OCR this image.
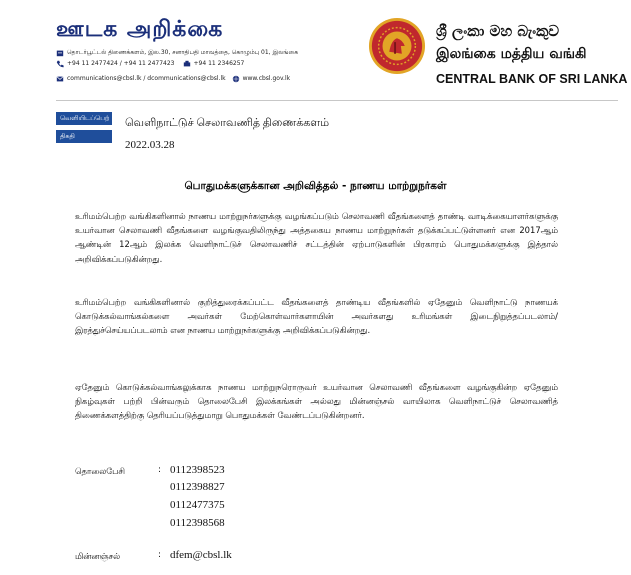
ஊடக அறிக்கை
தொடர்பூட்டல் திணைக்களம், இல.30, சனாதிபதி மாவத்தை, கொழும்பு 01, இலங்கை
+94 11 2477424 / +94 11 2477423	+94 11 2346257
communications@cbsl.lk / dcommunications@cbsl.lk	www.cbsl.gov.lk
ශ්‍රී ලංකා මහ බැංකුව
இலங்கை மத்திய வங்கி
CENTRAL BANK OF SRI LANKA
வெளியிடப்பெற் வெளிநாட்டுச் செலாவணித் திணைக்களம்
திகதி
2022.03.28
பொதுமக்களுக்கான அறிவித்தல் - நாணய மாற்றுநர்கள்
உரிமம்பெற்ற வங்கிகளினால் நாணய மாற்றுநர்களுக்கு வழங்கப்படும் செலாவணி வீதங்களைத் தாண்டி வாடிக்கையாளர்களுக்கு உயர்வான செலாவணி வீதங்களை வழங்குவதிலிருந்து அத்தகைய நாணய மாற்றுநர்கள் தடுக்கப்பட்டுள்ளனர் என 2017ஆம் ஆண்டின் 12ஆம் இலக்க வெளிநாட்டுச் செலாவணிச் சட்டத்தின் ஏற்பாடுகளின் பிரகாரம் பொதுமக்களுக்கு இத்தால் அறிவிக்கப்படுகின்றது.
உரிமம்பெற்ற வங்கிகளினால் குறித்துரைக்கப்பட்ட வீதங்களைத் தாண்டிய வீதங்களில் ஏதேனும் வெளிநாட்டு நாணயக் கொடுக்கல்வாங்கல்களை அவர்கள் மேற்கொள்வார்களாயின் அவர்களது உரிமங்கள் இடைநிறுத்தப்படலாம்/ இரத்துச்செய்யப்படலாம் என நாணய மாற்றுநர்களுக்கு அறிவிக்கப்படுகின்றது.
ஏதேனும் கொடுக்கல்வாங்கலுக்காக நாணய மாற்றுநரொருவர் உயர்வான செலாவணி வீதங்களை வழங்குகின்ற ஏதேனும் நிகழ்வுகள் பற்றி பின்வரும் தொலைபேசி இலக்கங்கள் அல்லது மின்னஞ்சல் வாயிலாக வெளிநாட்டுச் செலாவணித் திணைக்களத்திற்கு தெரியப்படுத்துமாறு பொதுமக்கள் வேண்டப்படுகின்றனர்.
தொலைபேசி	: 0112398523
0112398827
0112477375
0112398568
மின்னஞ்சல்	: dfem@cbsl.lk
